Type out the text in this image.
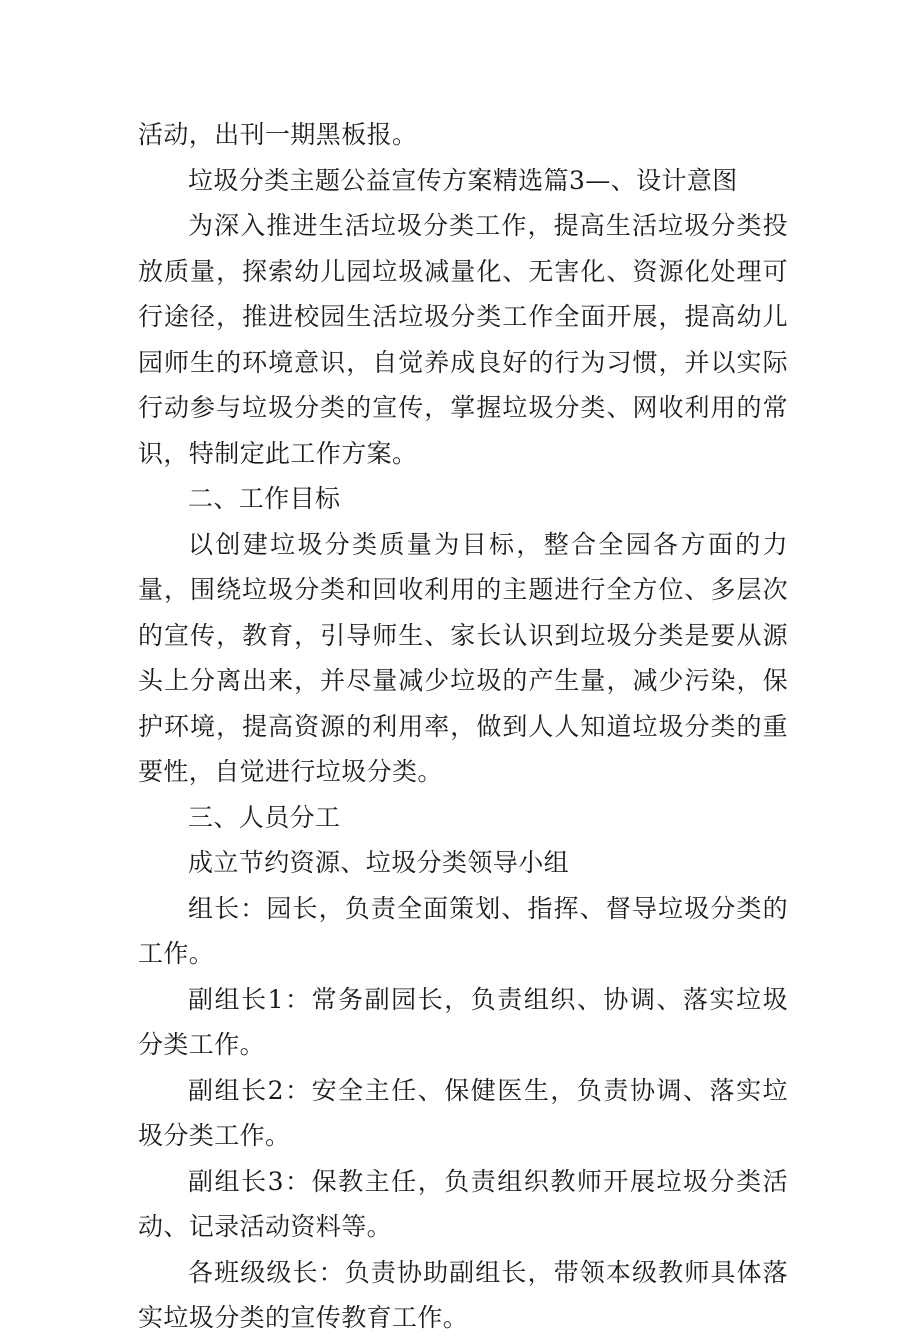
活动，出刊一期黑板报。

垃圾分类主题公益宣传方案精选篇3—、设计意图

为深入推进生活垃圾分类工作，提高生活垃圾分类投放质量，探索幼儿园垃圾减量化、无害化、资源化处理可行途径，推进校园生活垃圾分类工作全面开展，提高幼儿园师生的环境意识，自觉养成良好的行为习惯，并以实际行动参与垃圾分类的宣传，掌握垃圾分类、网收利用的常识，特制定此工作方案。

二、工作目标

以创建垃圾分类质量为目标，整合全园各方面的力量，围绕垃圾分类和回收利用的主题进行全方位、多层次的宣传，教育，引导师生、家长认识到垃圾分类是要从源头上分离出来，并尽量减少垃圾的产生量，减少污染，保护环境，提高资源的利用率，做到人人知道垃圾分类的重要性，自觉进行垃圾分类。

三、人员分工

成立节约资源、垃圾分类领导小组

组长：园长，负责全面策划、指挥、督导垃圾分类的工作。

副组长1：常务副园长，负责组织、协调、落实垃圾分类工作。

副组长2：安全主任、保健医生，负责协调、落实垃圾分类工作。

副组长3：保教主任，负责组织教师开展垃圾分类活动、记录活动资料等。

各班级级长：负责协助副组长，带领本级教师具体落实垃圾分类的宣传教育工作。
